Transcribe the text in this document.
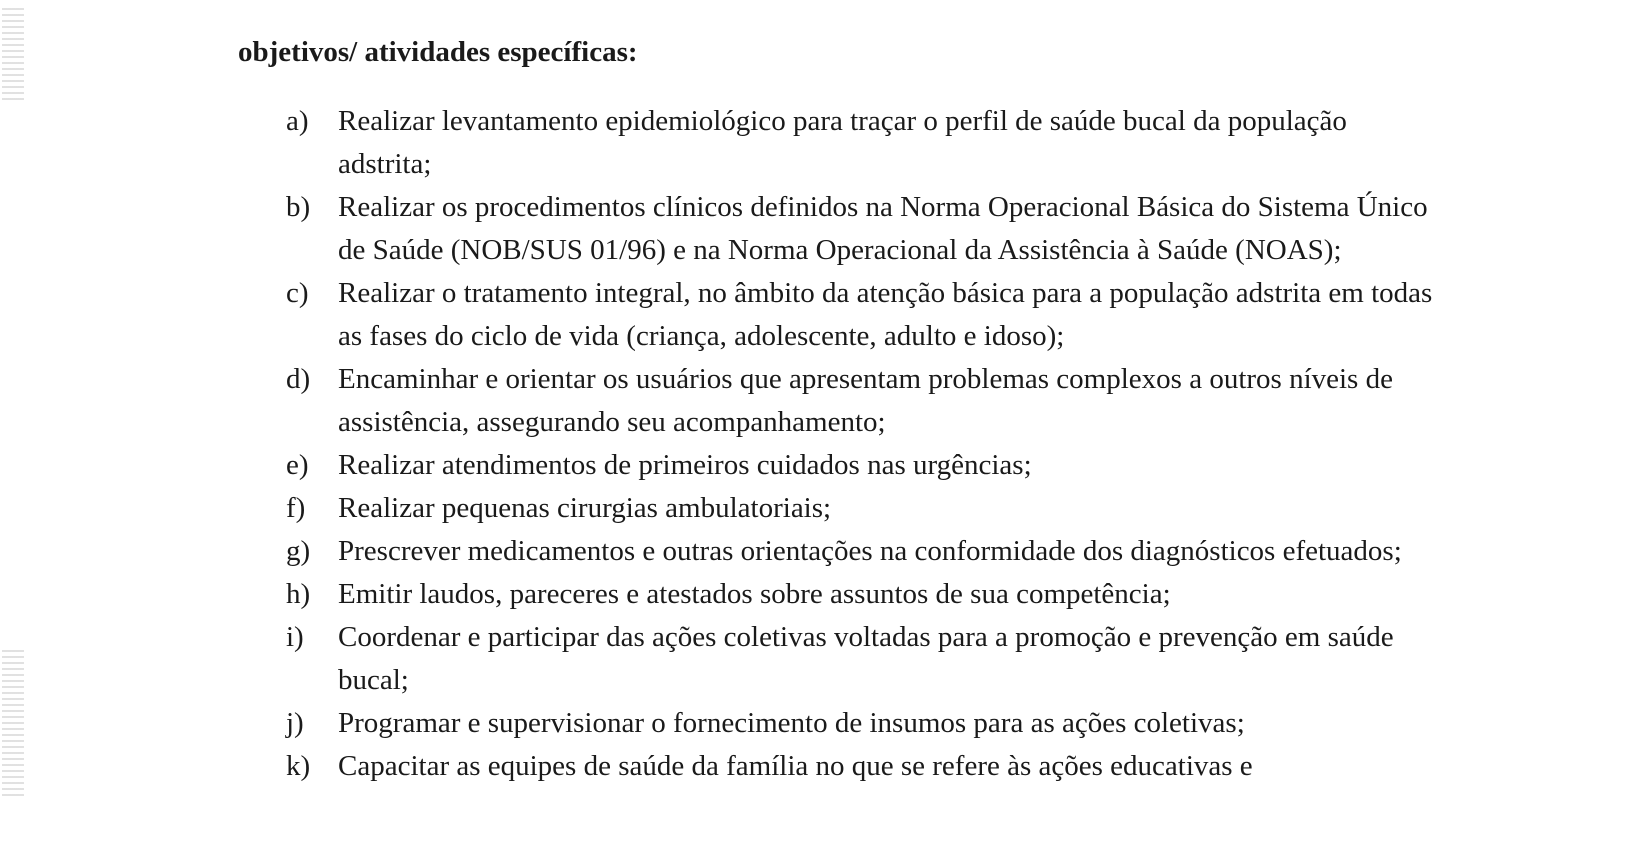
objetivos/ atividades específicas:

a)	Realizar levantamento epidemiológico para traçar o perfil de saúde bucal da população adstrita;
b) Realizar os procedimentos clínicos definidos na Norma Operacional Básica do Sistema Único de Saúde (NOB/SUS 01/96) e na Norma Operacional da Assistência à Saúde (NOAS);
c)	Realizar o tratamento integral, no âmbito da atenção básica para a população adstrita em todas as fases do ciclo de vida (criança, adolescente, adulto e idoso);
d) Encaminhar e orientar os usuários que apresentam problemas complexos a outros níveis de assistência, assegurando seu acompanhamento;
e)	Realizar atendimentos de primeiros cuidados nas urgências;
f)	Realizar pequenas cirurgias ambulatoriais;
g) Prescrever medicamentos e outras orientações na conformidade dos diagnósticos efetuados;
h) Emitir laudos, pareceres e atestados sobre assuntos de sua competência;
i)	Coordenar e participar das ações coletivas voltadas para a promoção e prevenção em saúde bucal;
j)	Programar e supervisionar o fornecimento de insumos para as ações coletivas;
k) Capacitar as equipes de saúde da família no que se refere às ações educativas e
